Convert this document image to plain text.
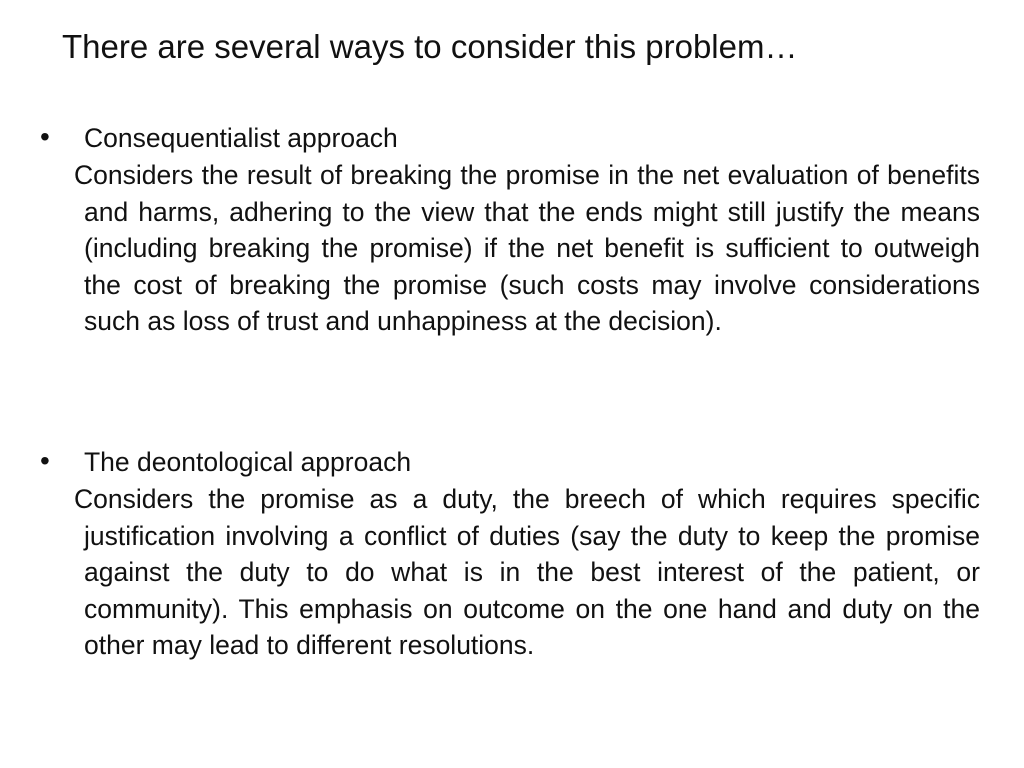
There are several ways to consider this problem…
•	Consequentialist approach
Considers the result of breaking the promise in the net evaluation of benefits and harms, adhering to the view that the ends might still justify the means (including breaking the promise) if the net benefit is sufficient to outweigh the cost of breaking the promise (such costs may involve considerations such as loss of trust and unhappiness at the decision).
•	The deontological approach
Considers the promise as a duty, the breech of which requires specific justification involving a conflict of duties (say the duty to keep the promise against the duty to do what is in the best interest of the patient, or community). This emphasis on outcome on the one hand and duty on the other may lead to different resolutions.
